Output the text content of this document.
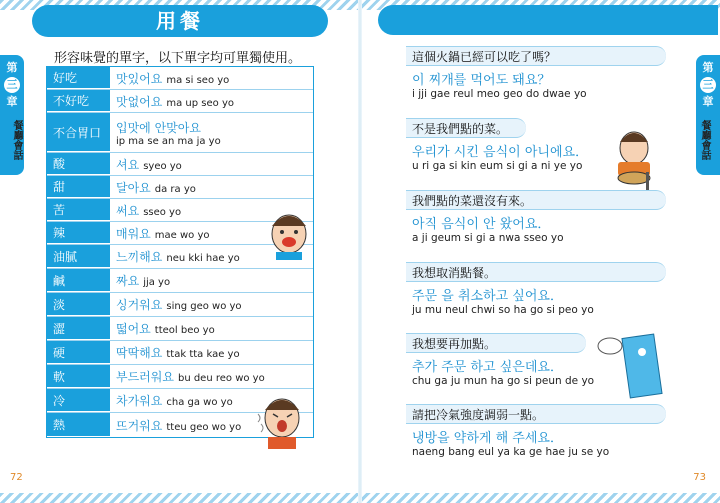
用餐
第
三
章
餐廳會話
第
三
章
餐廳會話
形容味覺的單字，以下單字均可單獨使用。
好吃	맛있어요 ma si seo yo
不好吃	맛없어요 ma up seo yo
不合胃口	입맛에 안맞아요
ip ma se an ma ja yo
酸	셔요 syeo yo
甜	달아요 da ra yo
苦	써요 sseo yo
辣	매워요 mae wo yo
油膩	느끼해요 neu kki hae yo
鹹	짜요 jja yo
淡	싱거워요 sing geo wo yo
澀	떫어요 tteol beo yo
硬	딱딱해요 ttak tta kae yo
軟	부드러워요 bu deu reo wo yo
冷	차가워요 cha ga wo yo
熱	뜨거워요 tteu geo wo yo
這個火鍋已經可以吃了嗎？
이 찌개를 먹어도 돼요？
i jji gae reul meo geo do dwae yo
不是我們點的菜。
우리가 시킨 음식이 아니에요．
u ri ga si kin eum si gi a ni ye yo
我們點的菜還沒有來。
아직 음식이 안 왔어요．
a ji geum si gi a nwa sseo yo
我想取消點餐。
주문 을 취소하고 싶어요．
ju mu neul chwi so ha go si peo yo
我想要再加點。
추가 주문 하고 싶은데요．
chu ga ju mun ha go si peun de yo
請把冷氣強度調弱一點。
냉방을 약하게 해 주세요．
naeng bang eul ya ka ge hae ju se yo
72	73
